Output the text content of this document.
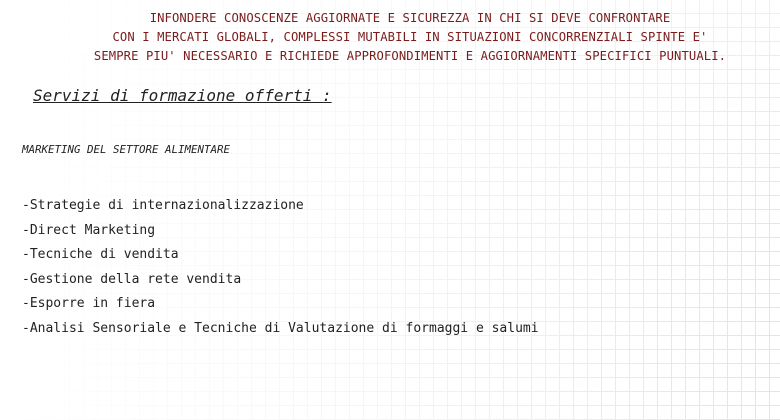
INFONDERE CONOSCENZE AGGIORNATE E SICUREZZA IN CHI SI DEVE CONFRONTARE
CON I MERCATI GLOBALI, COMPLESSI MUTABILI IN SITUAZIONI CONCORRENZIALI SPINTE E'
SEMPRE PIU' NECESSARIO E RICHIEDE APPROFONDIMENTI E AGGIORNAMENTI SPECIFICI PUNTUALI.
Servizi di formazione offerti :
MARKETING DEL SETTORE ALIMENTARE
-Strategie di internazionalizzazione
-Direct Marketing
-Tecniche di vendita
-Gestione della rete vendita
-Esporre in fiera
-Analisi Sensoriale e Tecniche di Valutazione di formaggi e salumi
